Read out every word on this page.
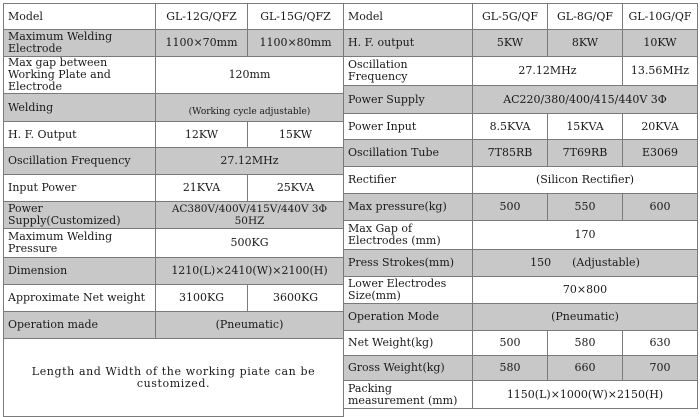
Model	GL-12G/QFZ	GL-15G/QFZ
Maximum Welding Electrode	1100×70mm	1100×80mm
Max gap between Working Plate and Electrode	120mm	
Welding	(Working cycle adjustable)	

H. F. Output	12KW	15KW
Oscillation Frequency	27.12MHz	
Input Power	21KVA	25KVA
Power Supply(Customized)	AC380V/400V/415V/440V 3Φ 50HZ	
Maximum Welding Pressure	500KG	
Dimension	1210(L)×2410(W)×2100(H)	
Approximate Net weight	3100KG	3600KG
Operation made	(Pneumatic)	
Length and Width of the working piate can be customized.		
Model	GL-5G/QF	GL-8G/QF	GL-10G/QF
H. F. output	5KW	8KW	10KW
Oscillation Frequency	27.12MHz		13.56MHz
Power Supply	AC220/380/400/415/440V 3Φ		
Power Input	8.5KVA	15KVA	20KVA
Oscillation Tube	7T85RB	7T69RB	E3069
Rectifier	(Silicon Rectifier)		
Max pressure(kg)	500	550	600
Max Gap of Electrodes (mm)	170		
Press Strokes(mm)	150      (Adjustable)		
Lower Electrodes Size(mm)	70×800		
Operation Mode	(Pneumatic)		
Net Weight(kg)	500	580	630
Gross Weight(kg)	580	660	700
Packing measurement (mm)	1150(L)×1000(W)×2150(H)		
